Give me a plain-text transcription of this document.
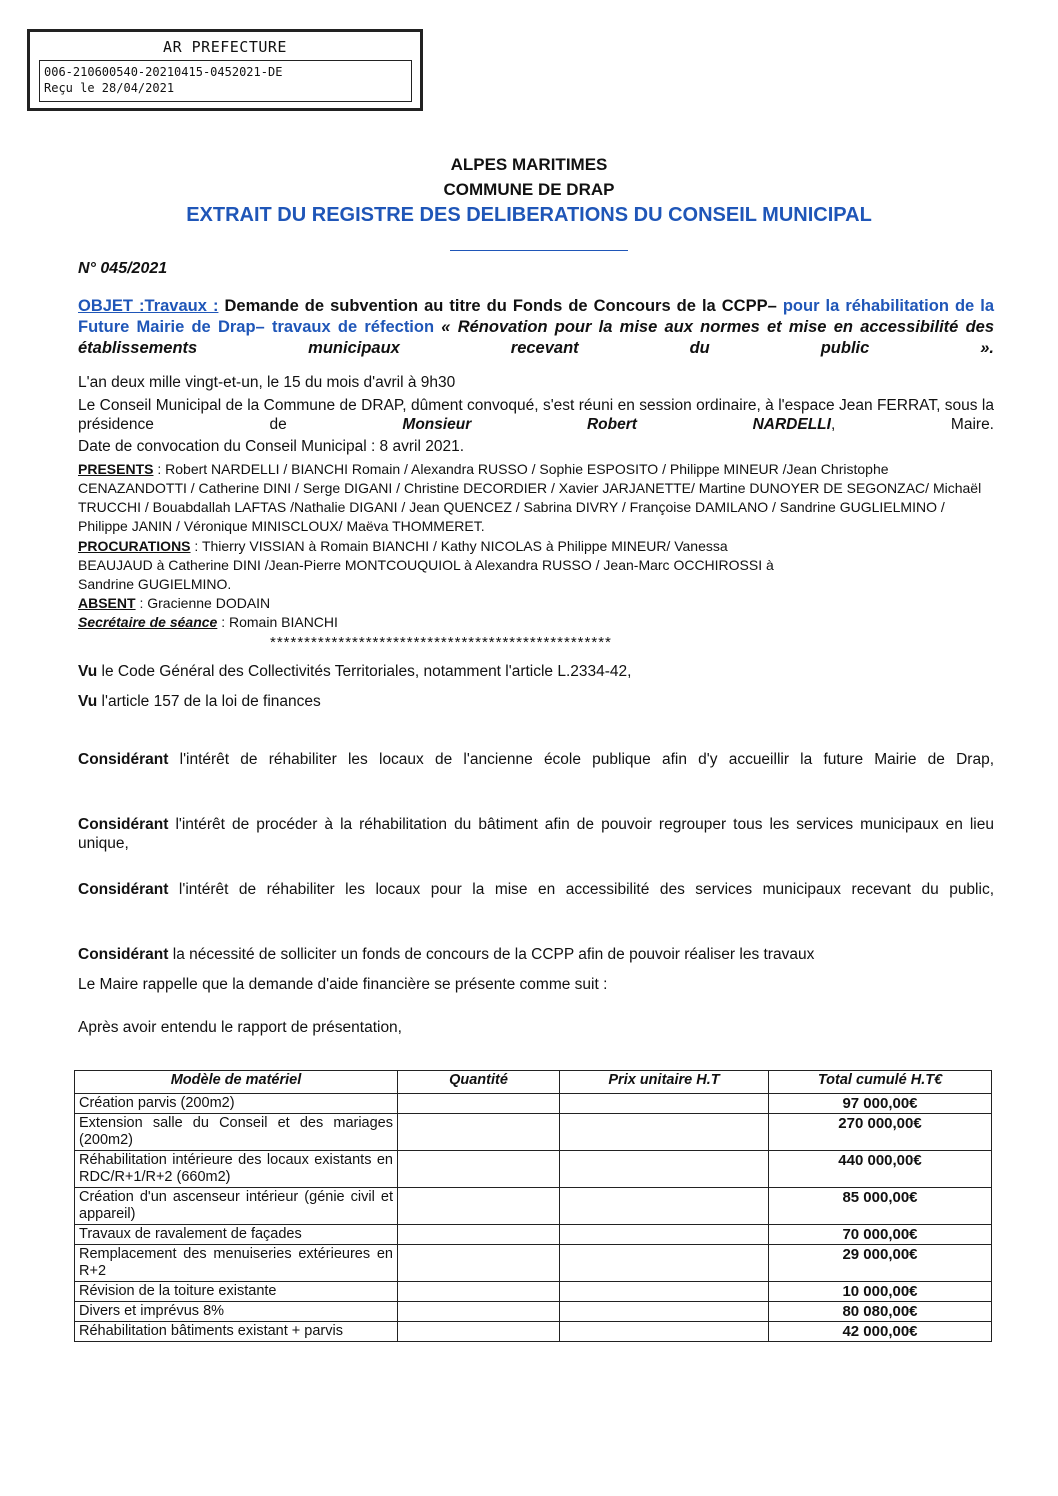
AR PREFECTURE
006-210600540-20210415-0452021-DE
Reçu le 28/04/2021
ALPES MARITIMES
COMMUNE DE DRAP
EXTRAIT DU REGISTRE DES DELIBERATIONS DU CONSEIL MUNICIPAL
N° 045/2021
OBJET :Travaux : Demande de subvention au titre du Fonds de Concours de la CCPP– pour la réhabilitation de la Future Mairie de Drap– travaux de réfection « Rénovation pour la mise aux normes et mise en accessibilité des établissements municipaux recevant du public ».
L'an deux mille vingt-et-un, le 15 du mois d'avril à 9h30
Le Conseil Municipal de la Commune de DRAP, dûment convoqué, s'est réuni en session ordinaire, à l'espace Jean FERRAT, sous la présidence de Monsieur Robert NARDELLI, Maire.
Date de convocation du Conseil Municipal : 8 avril 2021.
PRESENTS : Robert NARDELLI / BIANCHI Romain / Alexandra RUSSO / Sophie ESPOSITO / Philippe MINEUR /Jean Christophe CENAZANDOTTI / Catherine DINI / Serge DIGANI / Christine DECORDIER / Xavier JARJANETTE/ Martine DUNOYER DE SEGONZAC/ Michaël TRUCCHI / Bouabdallah LAFTAS /Nathalie DIGANI / Jean QUENCEZ / Sabrina DIVRY / Françoise DAMILANO / Sandrine GUGLIELMINO / Philippe JANIN / Véronique MINISCLOUX/ Maëva THOMMERET.
PROCURATIONS : Thierry VISSIAN à Romain BIANCHI / Kathy NICOLAS à Philippe MINEUR/ Vanessa BEAUJAUD à Catherine DINI /Jean-Pierre MONTCOUQUIOL à Alexandra RUSSO / Jean-Marc OCCHIROSSI à Sandrine GUGIELMINO.
ABSENT : Gracienne DODAIN
Secrétaire de séance : Romain BIANCHI
**************************************************
Vu le Code Général des Collectivités Territoriales, notamment l'article L.2334-42,
Vu l'article 157 de la loi de finances
Considérant l'intérêt de réhabiliter les locaux de l'ancienne école publique afin d'y accueillir la future Mairie de Drap,
Considérant l'intérêt de procéder à la réhabilitation du bâtiment afin de pouvoir regrouper tous les services municipaux en lieu unique,
Considérant l'intérêt de réhabiliter les locaux pour la mise en accessibilité des services municipaux recevant du public,
Considérant la nécessité de solliciter un fonds de concours de la CCPP afin de pouvoir réaliser les travaux
Le Maire rappelle que la demande d'aide financière se présente comme suit :
Après avoir entendu le rapport de présentation,
Modèle de matériel	Quantité	Prix unitaire H.T	Total cumulé H.T€
Création parvis (200m2)			97 000,00€
Extension salle du Conseil et des mariages (200m2)			270 000,00€
Réhabilitation intérieure des locaux existants en RDC/R+1/R+2 (660m2)			440 000,00€
Création d'un ascenseur intérieur (génie civil et appareil)			85 000,00€
Travaux de ravalement de façades			70 000,00€
Remplacement des menuiseries extérieures en R+2			29 000,00€
Révision de la toiture existante			10 000,00€
Divers et imprévus 8%			80 080,00€
Réhabilitation bâtiments existant + parvis			42 000,00€
